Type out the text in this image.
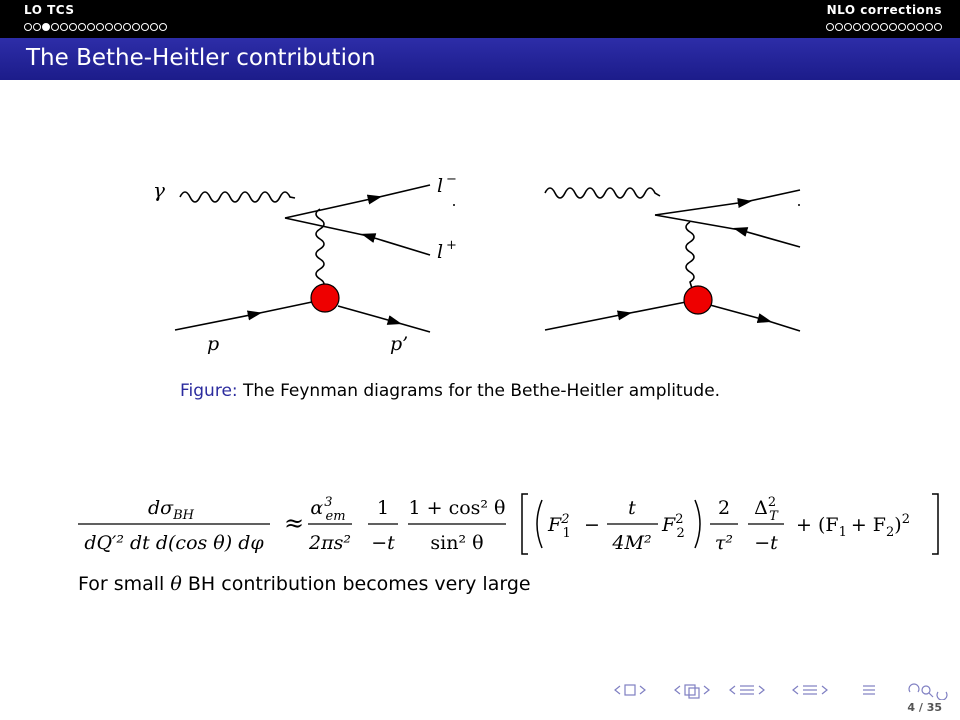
LO TCS	NLO corrections
The Bethe-Heitler contribution
γ	l −
l +
p	p’
Figure: The Feynman diagrams for the Bethe-Heitler amplitude.
$d\sigma_{BH}$
dQ′² dt d(cos θ) dφ
≈
$\alpha^3$ em
2πs²
1
−t
1 + cos² θ
sin² θ
$F^2$ 1 −
t
4M²
$F^2$ 2
2
τ²
$\Delta^2$ T
−t
+ $(F_1 + F_2)^2$
For small θ BH contribution becomes very large
4 / 35
